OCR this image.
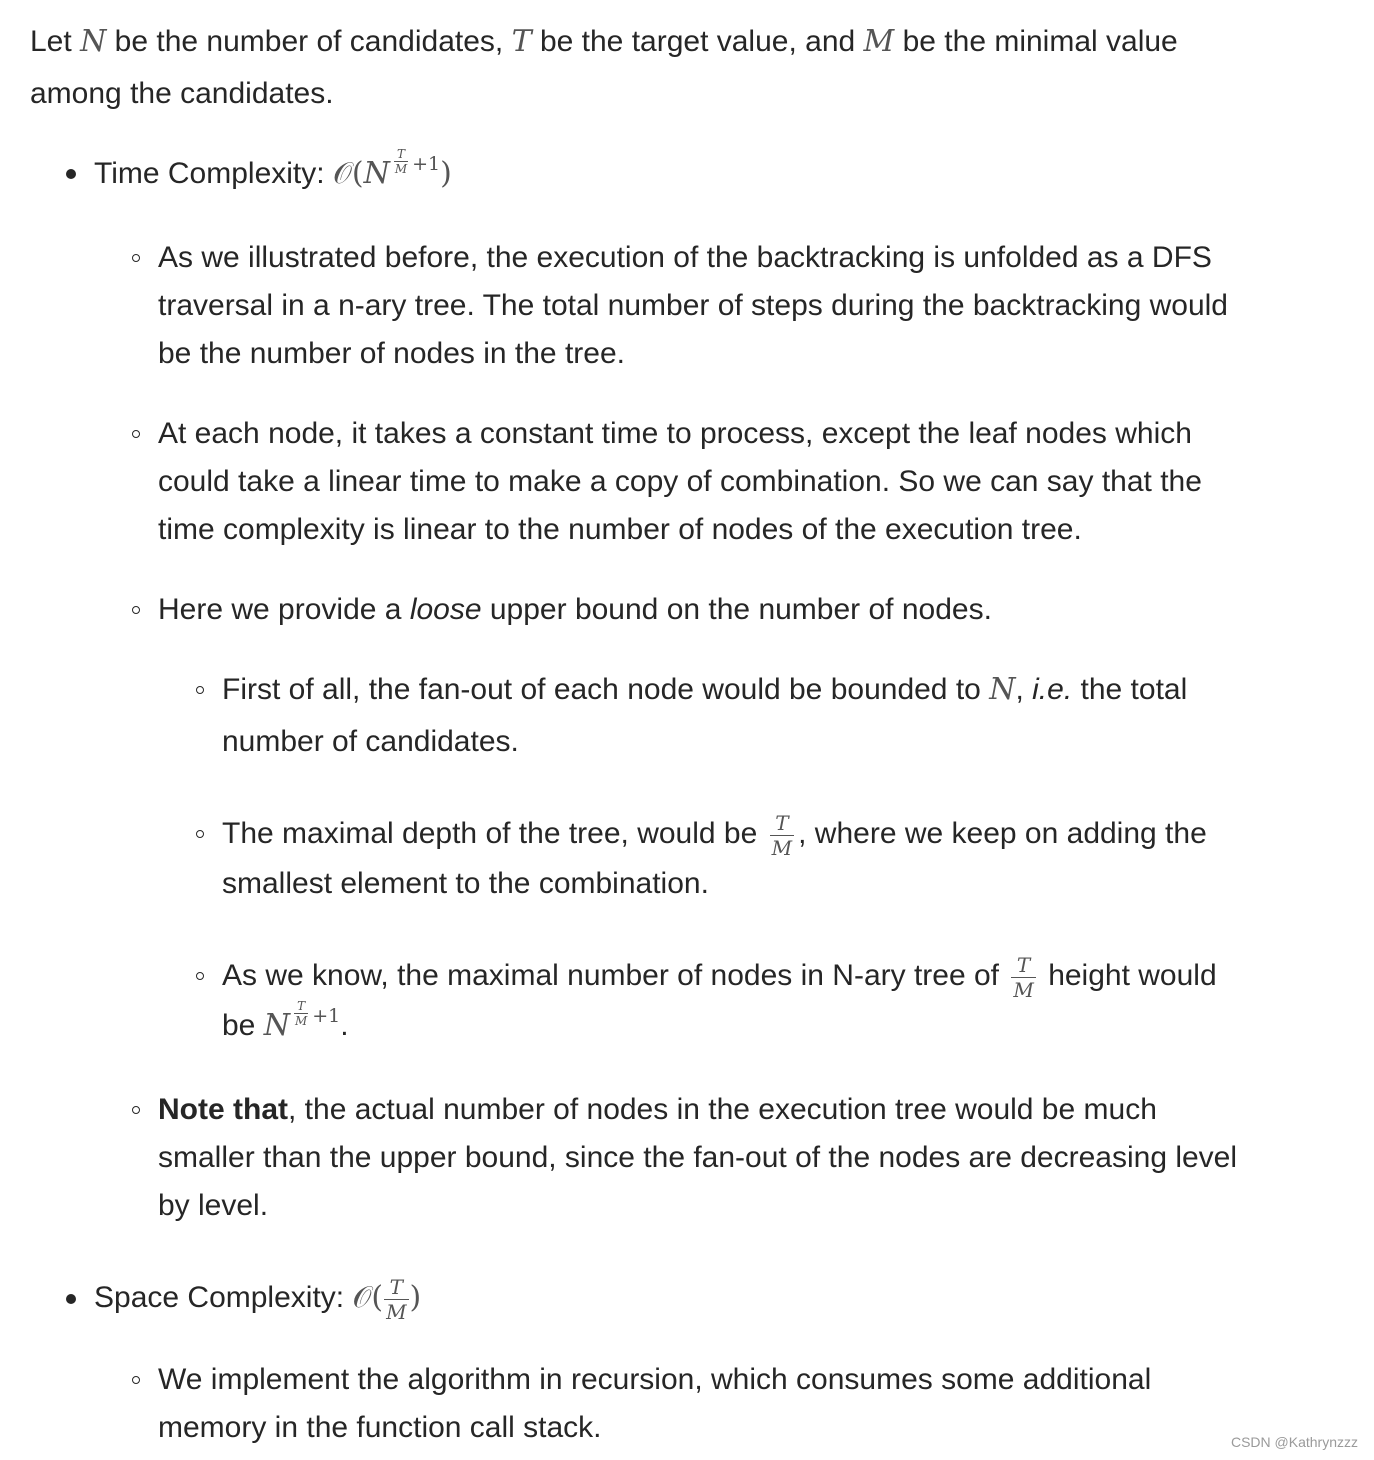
Let N be the number of candidates, T be the target value, and M be the minimal value
among the candidates.
Time Complexity: 𝒪(N $\frac{T}{M} ^{+1}$)
As we illustrated before, the execution of the backtracking is unfolded as a DFS
traversal in a n-ary tree. The total number of steps during the backtracking would
be the number of nodes in the tree.
At each node, it takes a constant time to process, except the leaf nodes which
could take a linear time to make a copy of combination. So we can say that the
time complexity is linear to the number of nodes of the execution tree.
Here we provide a loose upper bound on the number of nodes.
First of all, the fan-out of each node would be bounded to N, i.e. the total
number of candidates.
The maximal depth of the tree, would be $\frac{T}{M}$ , where we keep on adding the
smallest element to the combination.
As we know, the maximal number of nodes in N-ary tree of $\frac{T}{M}$ height would
be N $\frac{T}{M} ^{+1}$.
Note that, the actual number of nodes in the execution tree would be much
smaller than the upper bound, since the fan-out of the nodes are decreasing level
by level.
Space Complexity: 𝒪( $\frac{T}{M}$ )
We implement the algorithm in recursion, which consumes some additional
memory in the function call stack.	CSDN @Kathrynzzz
